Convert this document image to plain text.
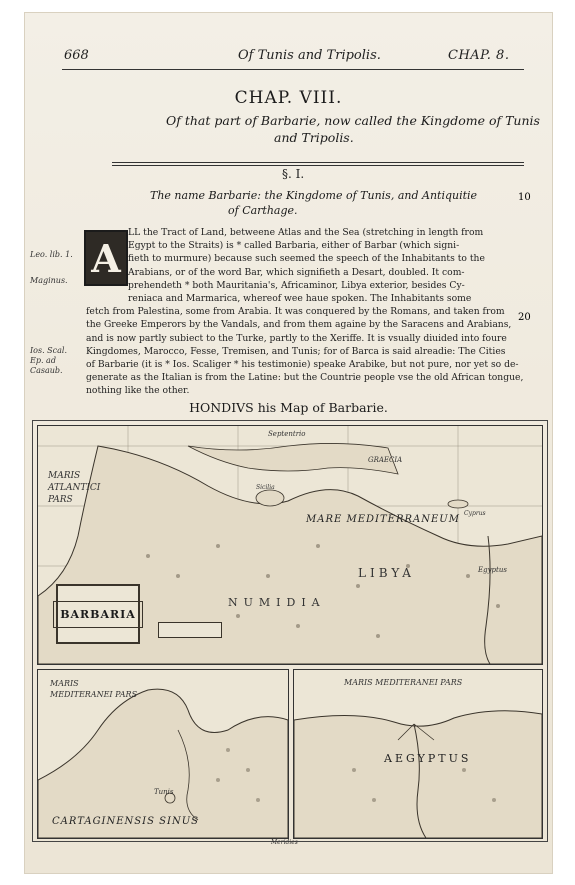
668	Of Tunis and Tripolis.	CHAP. 8.
CHAP. VIII.
Of that part of Barbarie, now called the Kingdome of Tunis
and Tripolis.
§. I.
The name Barbarie: the Kingdome of Tunis, and Antiquitie
of Carthage.
10
Leo. lib. 1.
Maginus.
Ios. Scal. Ep. ad Casaub.
20
A
LL the Tract of Land, betweene Atlas and the Sea (stretching in length from
Egypt to the Straits) is * called Barbaria, either of Barbar (which signi-
fieth to murmure) because such seemed the speech of the Inhabitants to the
Arabians, or of the word Bar, which signifieth a Desart, doubled. It com-
prehendeth * both Mauritania's, Africaminor, Libya exterior, besides Cy-
reniaca and Marmarica, whereof wee haue spoken. The Inhabitants some
fetch from Palestina, some from Arabia. It was conquered by the Romans, and taken from
the Greeke Emperors by the Vandals, and from them againe by the Saracens and Arabians,
and is now partly subiect to the Turke, partly to the Xeriffe. It is vsually diuided into foure
Kingdomes, Marocco, Fesse, Tremisen, and Tunis; for of Barca is said alreadie: The Cities
of Barbarie (it is * Ios. Scaliger * his testimonie) speake Arabike, but not pure, nor yet so de-
generate as the Italian is from the Latine: but the Countrie people vse the old African tongue,
nothing like the other.
HONDIVS his Map of Barbarie.
Septentrio
MARIS ATLANTICI PARS
MARE MEDITERRANEUM
GRAECIA
Sicilia
Cyprus
Egyptus
NUMIDIA
LIBYA
BARBARIA
MARIS MEDITERANEI PARS
Tunis
CARTAGINENSIS SINUS
MARIS MEDITERANEI PARS
AEGYPTUS
Meridies
